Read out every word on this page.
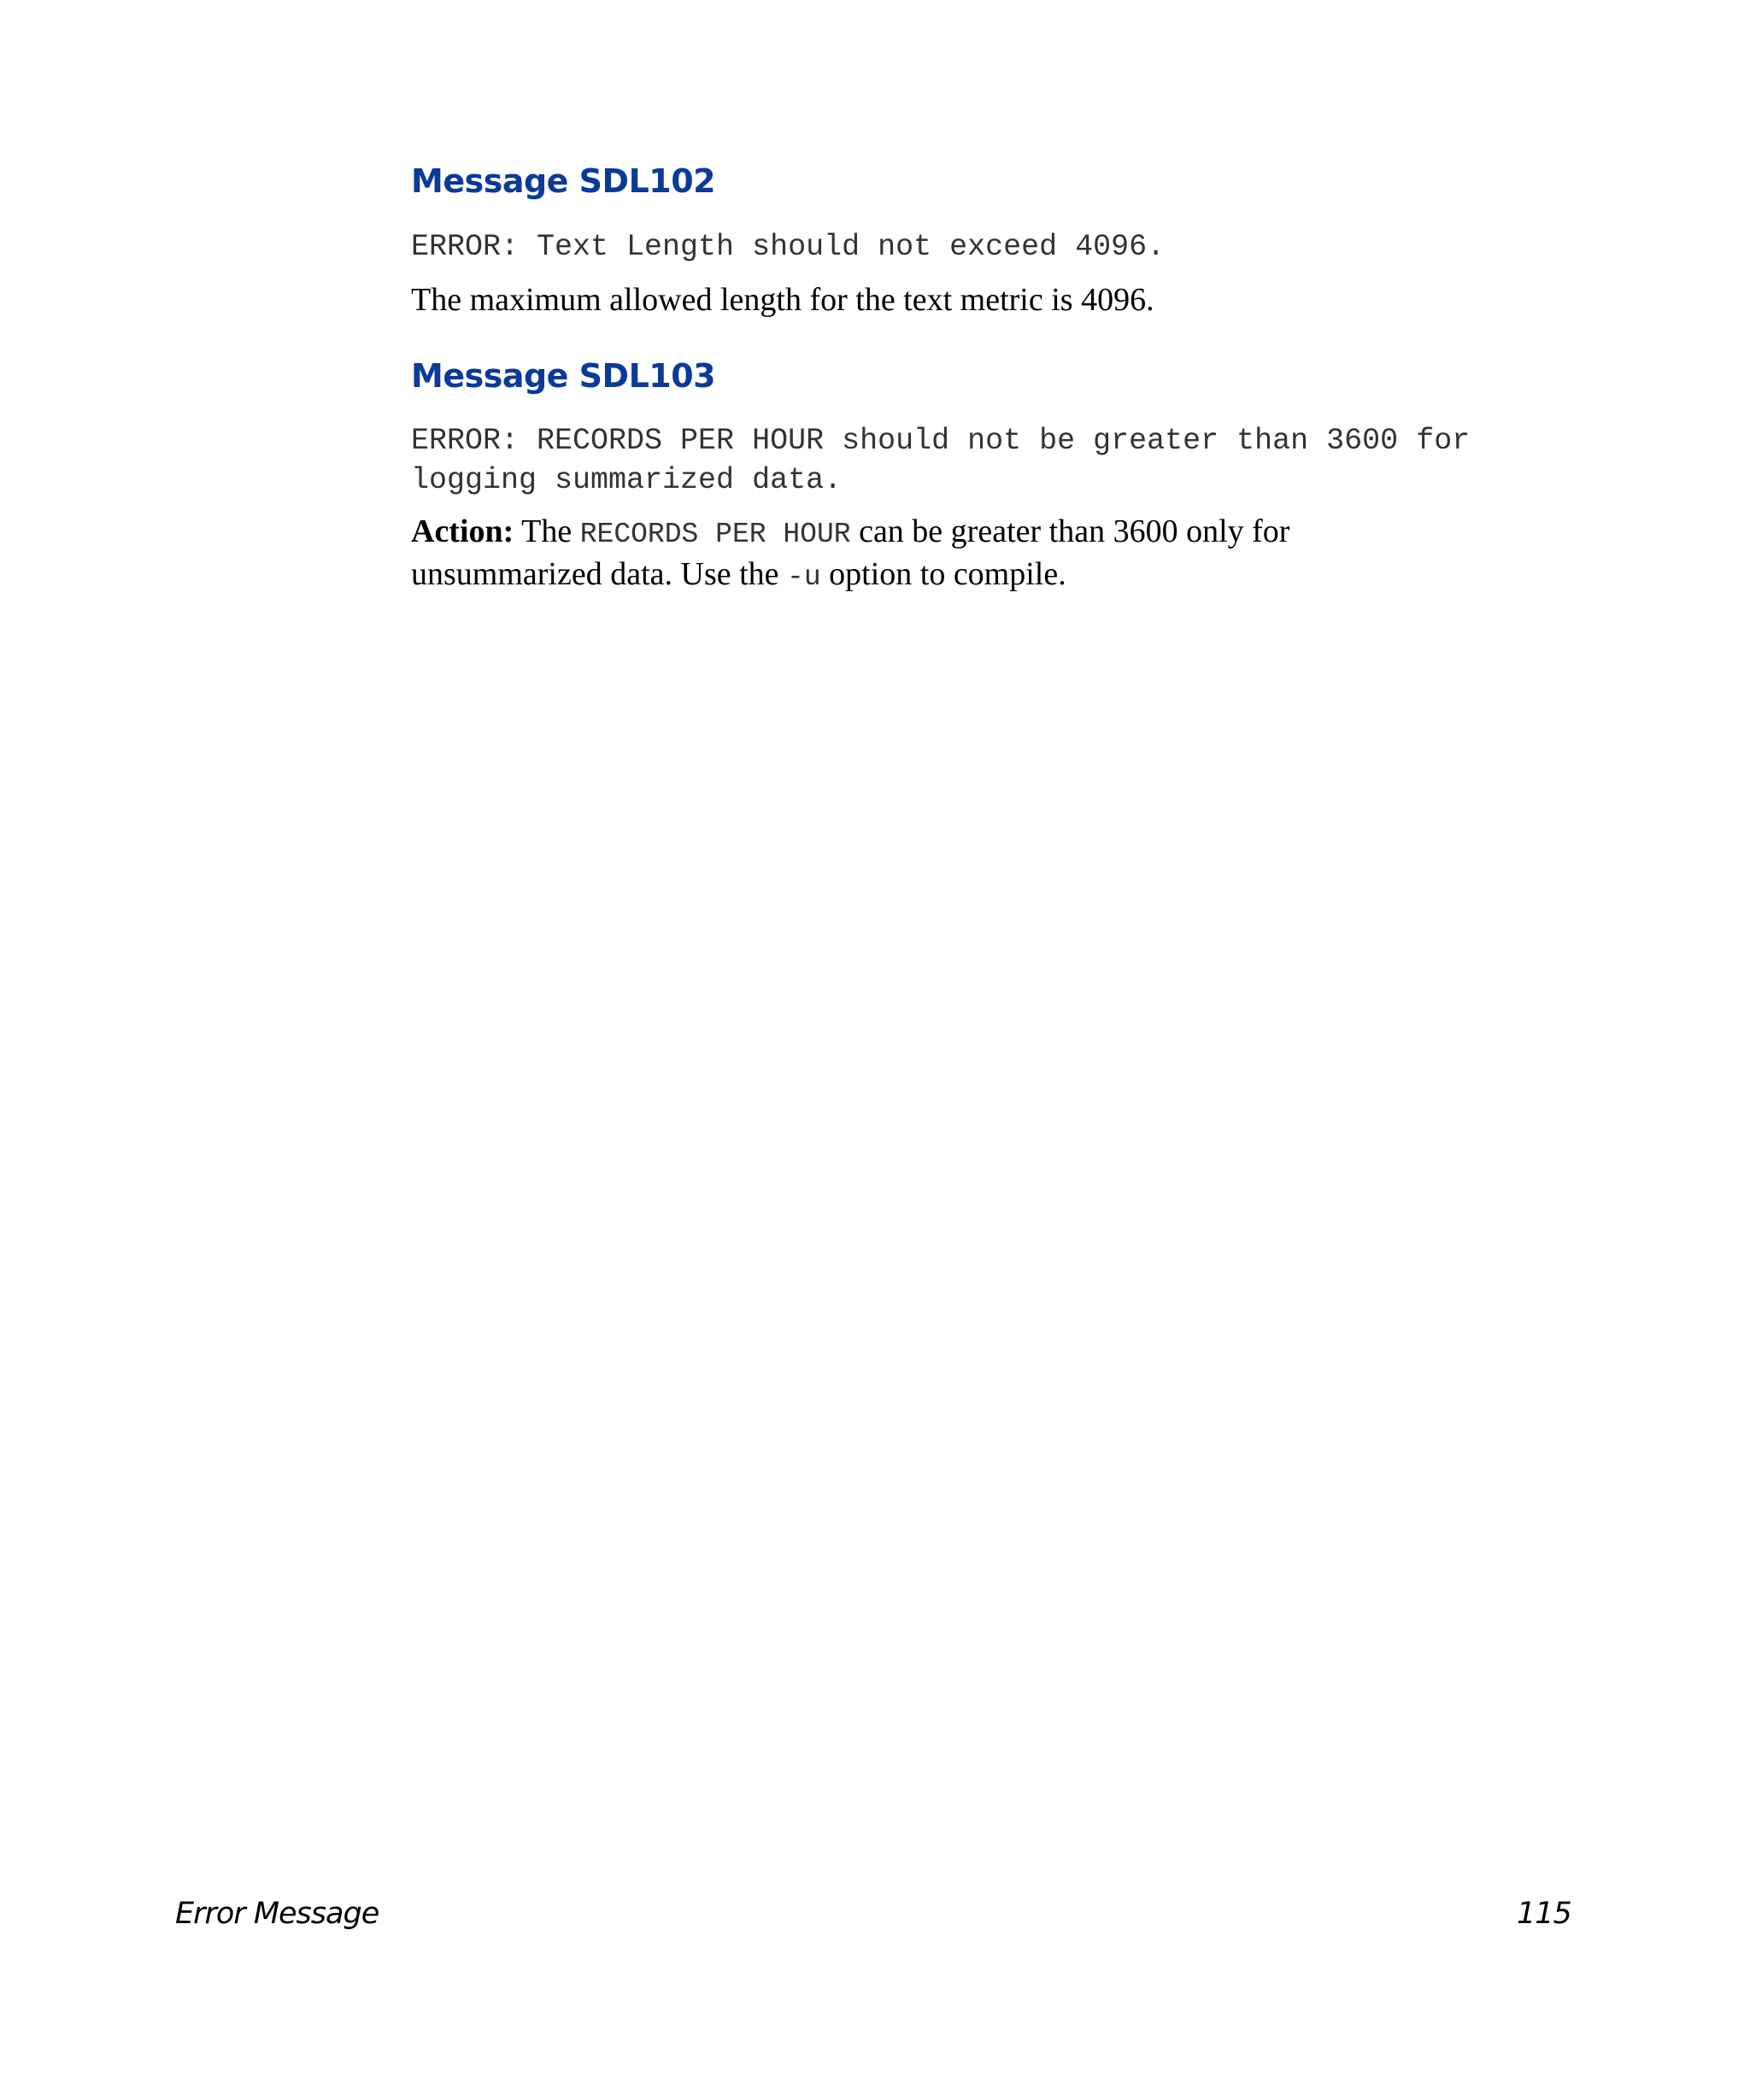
Message SDL102

ERROR: Text Length should not exceed 4096.

The maximum allowed length for the text metric is 4096.

Message SDL103

ERROR: RECORDS PER HOUR should not be greater than 3600 for
logging summarized data.

Action: The RECORDS PER HOUR can be greater than 3600 only for
unsummarized data. Use the -u option to compile.

Error Message	115
